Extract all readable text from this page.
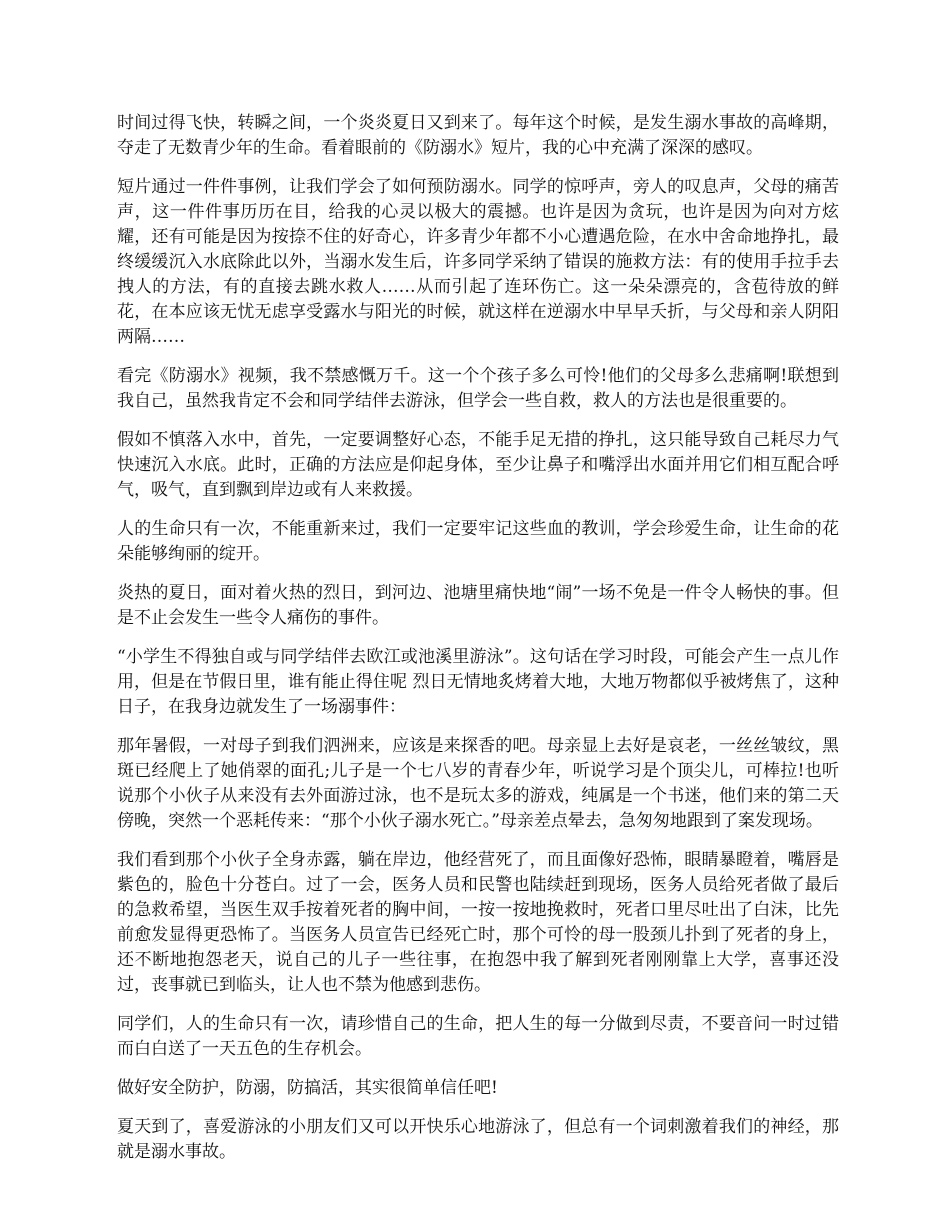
时间过得飞快，转瞬之间，一个炎炎夏日又到来了。每年这个时候，是发生溺水事故的高峰期，夺走了无数青少年的生命。看着眼前的《防溺水》短片，我的心中充满了深深的感叹。

短片通过一件件事例，让我们学会了如何预防溺水。同学的惊呼声，旁人的叹息声，父母的痛苦声，这一件件事历历在目，给我的心灵以极大的震撼。也许是因为贪玩，也许是因为向对方炫耀，还有可能是因为按捺不住的好奇心，许多青少年都不小心遭遇危险，在水中舍命地挣扎，最终缓缓沉入水底除此以外，当溺水发生后，许多同学采纳了错误的施救方法：有的使用手拉手去拽人的方法，有的直接去跳水救人……从而引起了连环伤亡。这一朵朵漂亮的，含苞待放的鲜花，在本应该无忧无虑享受露水与阳光的时候，就这样在逆溺水中早早夭折，与父母和亲人阴阳两隔……

看完《防溺水》视频，我不禁感慨万千。这一个个孩子多么可怜!他们的父母多么悲痛啊!联想到我自己，虽然我肯定不会和同学结伴去游泳，但学会一些自救，救人的方法也是很重要的。

假如不慎落入水中，首先，一定要调整好心态，不能手足无措的挣扎，这只能导致自己耗尽力气快速沉入水底。此时，正确的方法应是仰起身体，至少让鼻子和嘴浮出水面并用它们相互配合呼气，吸气，直到飘到岸边或有人来救援。

人的生命只有一次，不能重新来过，我们一定要牢记这些血的教训，学会珍爱生命，让生命的花朵能够绚丽的绽开。

炎热的夏日，面对着火热的烈日，到河边、池塘里痛快地“闹”一场不免是一件令人畅快的事。但是不止会发生一些令人痛伤的事件。

“小学生不得独自或与同学结伴去欧江或池溪里游泳”。这句话在学习时段，可能会产生一点儿作用，但是在节假日里，谁有能止得住呢 烈日无情地炙烤着大地，大地万物都似乎被烤焦了，这种日子，在我身边就发生了一场溺事件：

那年暑假，一对母子到我们泗洲来，应该是来探香的吧。母亲显上去好是哀老，一丝丝皱纹，黑斑已经爬上了她俏翠的面孔;儿子是一个七八岁的青春少年，听说学习是个顶尖儿，可棒拉!也听说那个小伙子从来没有去外面游过泳，也不是玩太多的游戏，纯属是一个书迷，他们来的第二天傍晚，突然一个恶耗传来：“那个小伙子溺水死亡。”母亲差点晕去，急匆匆地跟到了案发现场。

我们看到那个小伙子全身赤露，躺在岸边，他经营死了，而且面像好恐怖，眼睛暴瞪着，嘴唇是紫色的，脸色十分苍白。过了一会，医务人员和民警也陆续赶到现场，医务人员给死者做了最后的急救希望，当医生双手按着死者的胸中间，一按一按地挽救时，死者口里尽吐出了白沫，比先前愈发显得更恐怖了。当医务人员宣告已经死亡时，那个可怜的母一股颈儿扑到了死者的身上，还不断地抱怨老天，说自己的儿子一些往事，在抱怨中我了解到死者刚刚靠上大学，喜事还没过，丧事就已到临头，让人也不禁为他感到悲伤。

同学们，人的生命只有一次，请珍惜自己的生命，把人生的每一分做到尽责，不要音问一时过错而白白送了一天五色的生存机会。

做好安全防护，防溺，防搞活，其实很简单信任吧!

夏天到了，喜爱游泳的小朋友们又可以开快乐心地游泳了，但总有一个词刺激着我们的神经，那就是溺水事故。
